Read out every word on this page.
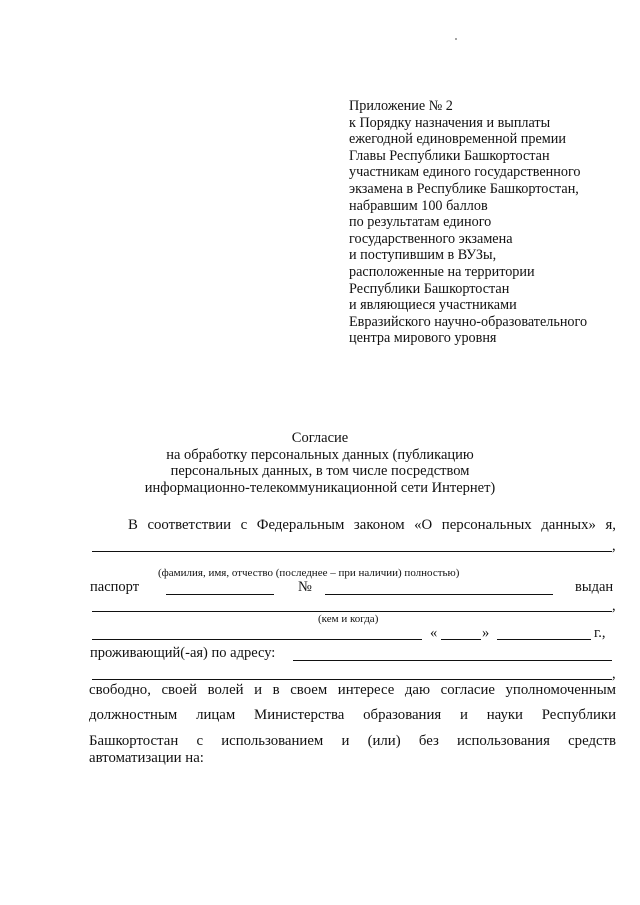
Приложение № 2
к Порядку назначения и выплаты
ежегодной единовременной премии
Главы Республики Башкортостан
участникам единого государственного
экзамена в Республике Башкортостан,
набравшим 100 баллов
по результатам единого
государственного экзамена
и поступившим в ВУЗы,
расположенные на территории
Республики Башкортостан
и являющиеся участниками
Евразийского научно-образовательного
центра мирового уровня
Согласие
на обработку персональных данных (публикацию
персональных данных, в том числе посредством
информационно-телекоммуникационной сети Интернет)
В соответствии с Федеральным законом «О персональных данных» я,
,
(фамилия, имя, отчество (последнее – при наличии) полностью)
паспорт	№	выдан
,
(кем и когда)
«	»	г.,
проживающий(-ая) по адресу:
,
свободно, своей волей и в своем интересе даю согласие уполномоченным
должностным лицам Министерства образования и науки Республики
Башкортостан с использованием и (или) без использования средств
автоматизации на:
